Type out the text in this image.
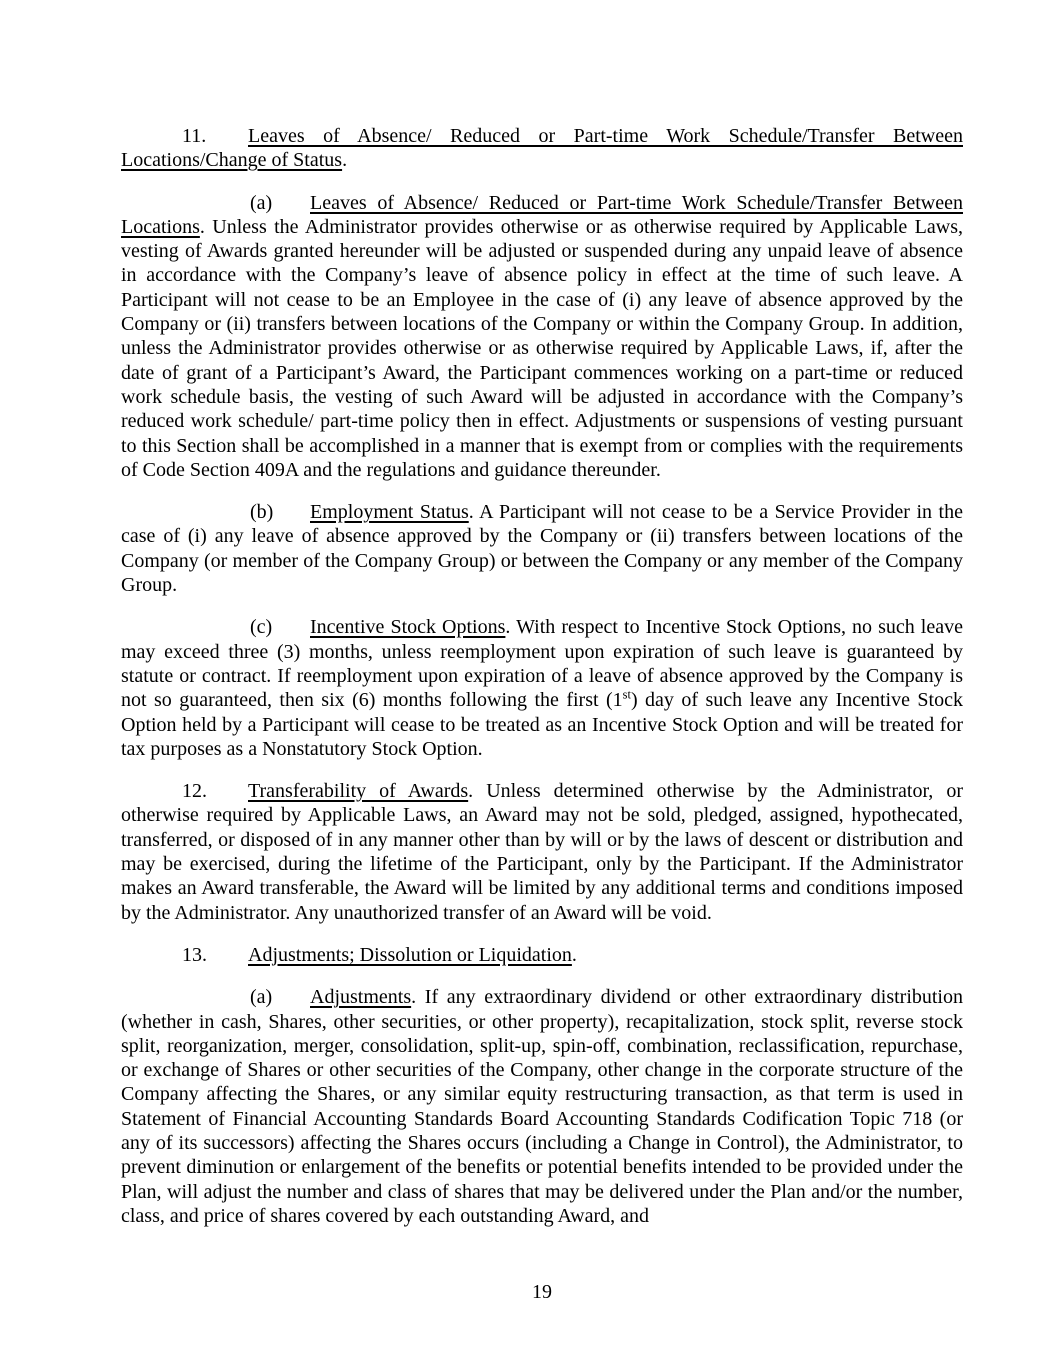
11. Leaves of Absence/ Reduced or Part-time Work Schedule/Transfer Between Locations/Change of Status.

(a) Leaves of Absence/ Reduced or Part-time Work Schedule/Transfer Between Locations. Unless the Administrator provides otherwise or as otherwise required by Applicable Laws, vesting of Awards granted hereunder will be adjusted or suspended during any unpaid leave of absence in accordance with the Company’s leave of absence policy in effect at the time of such leave. A Participant will not cease to be an Employee in the case of (i) any leave of absence approved by the Company or (ii) transfers between locations of the Company or within the Company Group. In addition, unless the Administrator provides otherwise or as otherwise required by Applicable Laws, if, after the date of grant of a Participant’s Award, the Participant commences working on a part-time or reduced work schedule basis, the vesting of such Award will be adjusted in accordance with the Company’s reduced work schedule/ part-time policy then in effect. Adjustments or suspensions of vesting pursuant to this Section shall be accomplished in a manner that is exempt from or complies with the requirements of Code Section 409A and the regulations and guidance thereunder.

(b) Employment Status. A Participant will not cease to be a Service Provider in the case of (i) any leave of absence approved by the Company or (ii) transfers between locations of the Company (or member of the Company Group) or between the Company or any member of the Company Group.

(c) Incentive Stock Options. With respect to Incentive Stock Options, no such leave may exceed three (3) months, unless reemployment upon expiration of such leave is guaranteed by statute or contract. If reemployment upon expiration of a leave of absence approved by the Company is not so guaranteed, then six (6) months following the first (1st) day of such leave any Incentive Stock Option held by a Participant will cease to be treated as an Incentive Stock Option and will be treated for tax purposes as a Nonstatutory Stock Option.

12. Transferability of Awards. Unless determined otherwise by the Administrator, or otherwise required by Applicable Laws, an Award may not be sold, pledged, assigned, hypothecated, transferred, or disposed of in any manner other than by will or by the laws of descent or distribution and may be exercised, during the lifetime of the Participant, only by the Participant. If the Administrator makes an Award transferable, the Award will be limited by any additional terms and conditions imposed by the Administrator. Any unauthorized transfer of an Award will be void.

13. Adjustments; Dissolution or Liquidation.

(a) Adjustments. If any extraordinary dividend or other extraordinary distribution (whether in cash, Shares, other securities, or other property), recapitalization, stock split, reverse stock split, reorganization, merger, consolidation, split-up, spin-off, combination, reclassification, repurchase, or exchange of Shares or other securities of the Company, other change in the corporate structure of the Company affecting the Shares, or any similar equity restructuring transaction, as that term is used in Statement of Financial Accounting Standards Board Accounting Standards Codification Topic 718 (or any of its successors) affecting the Shares occurs (including a Change in Control), the Administrator, to prevent diminution or enlargement of the benefits or potential benefits intended to be provided under the Plan, will adjust the number and class of shares that may be delivered under the Plan and/or the number, class, and price of shares covered by each outstanding Award, and

19
